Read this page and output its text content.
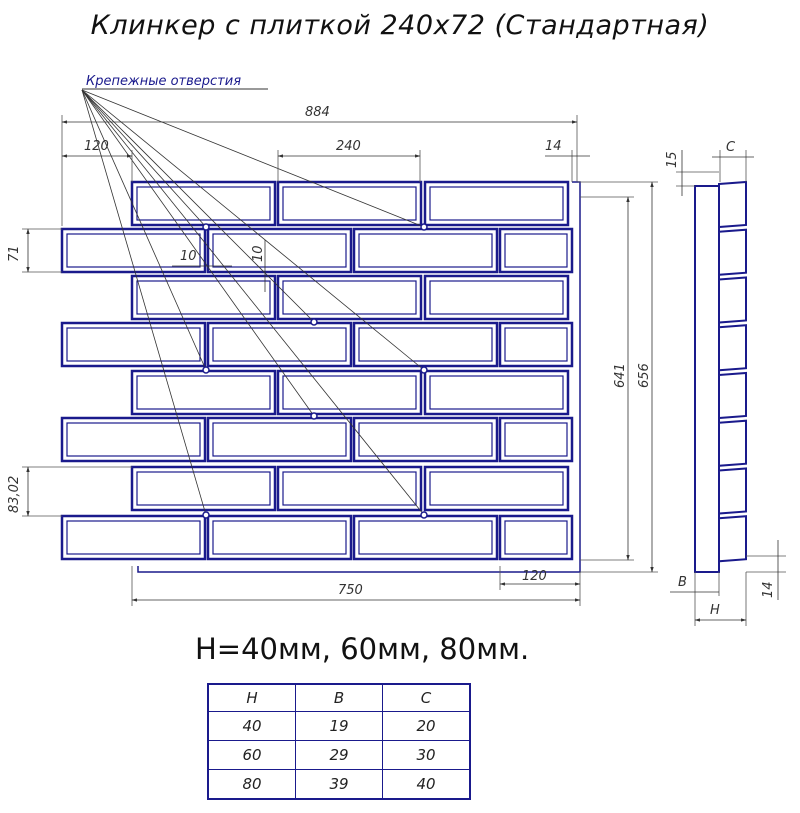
Клинкер с плиткой 240x72 (Стандартная)
Крепежные отверстия
884
120	240	14
71
83,02
10	10
641 656
120
750
C
15
14
B
H
H=40мм, 60мм, 80мм.
H	B	C
40	19	20
60	29	30
80	39	40
